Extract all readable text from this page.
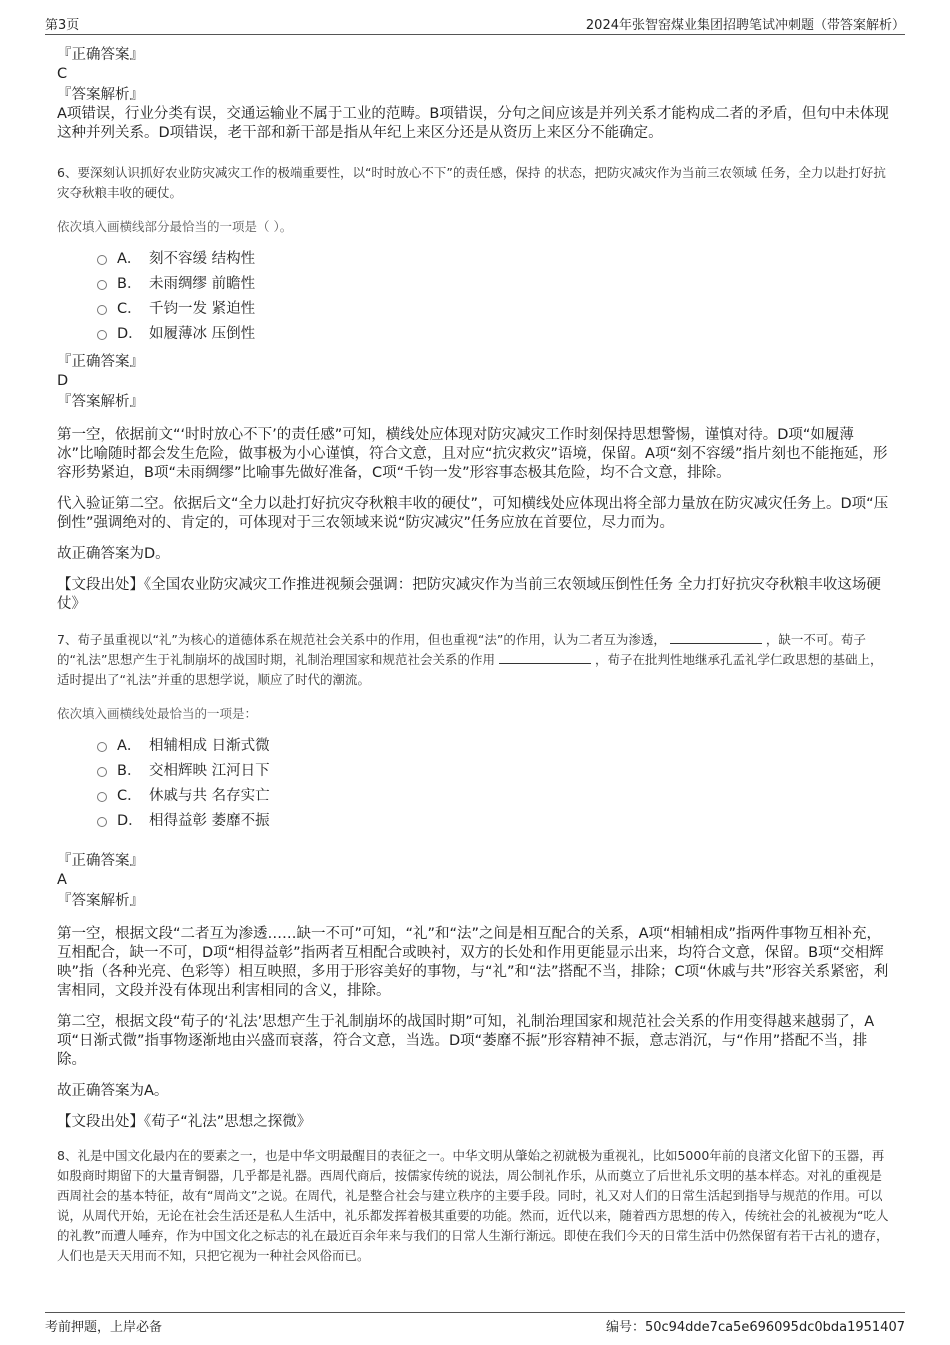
第3页	2024年张智窑煤业集团招聘笔试冲刺题（带答案解析）
『正确答案』
C
『答案解析』
A项错误，行业分类有误，交通运输业不属于工业的范畴。B项错误，分句之间应该是并列关系才能构成二者的矛盾，但句中未体现这种并列关系。D项错误，老干部和新干部是指从年纪上来区分还是从资历上来区分不能确定。
6、要深刻认识抓好农业防灾减灾工作的极端重要性，以“时时放心不下”的责任感，保持 的状态，把防灾减灾作为当前三农领域 任务，全力以赴打好抗灾夺秋粮丰收的硬仗。
依次填入画横线部分最恰当的一项是（ ）。
A． 刻不容缓 结构性
B． 未雨绸缪 前瞻性
C． 千钧一发 紧迫性
D． 如履薄冰 压倒性
『正确答案』
D
『答案解析』
第一空，依据前文“‘时时放心不下’的责任感”可知，横线处应体现对防灾减灾工作时刻保持思想警惕，谨慎对待。D项“如履薄冰”比喻随时都会发生危险，做事极为小心谨慎，符合文意，且对应“抗灾救灾”语境，保留。A项“刻不容缓”指片刻也不能拖延，形容形势紧迫，B项“未雨绸缪”比喻事先做好准备，C项“千钧一发”形容事态极其危险，均不合文意，排除。
代入验证第二空。依据后文“全力以赴打好抗灾夺秋粮丰收的硬仗”，可知横线处应体现出将全部力量放在防灾减灾任务上。D项“压倒性”强调绝对的、肯定的，可体现对于三农领域来说“防灾减灾”任务应放在首要位，尽力而为。
故正确答案为D。
【文段出处】《全国农业防灾减灾工作推进视频会强调：把防灾减灾作为当前三农领域压倒性任务 全力打好抗灾夺秋粮丰收这场硬仗》
7、荀子虽重视以“礼”为核心的道德体系在规范社会关系中的作用，但也重视“法”的作用，认为二者互为渗透，	，缺一不可。荀子的“礼法”思想产生于礼制崩坏的战国时期，礼制治理国家和规范社会关系的作用	，荀子在批判性地继承孔孟礼学仁政思想的基础上，适时提出了“礼法”并重的思想学说，顺应了时代的潮流。
依次填入画横线处最恰当的一项是：
A． 相辅相成 日渐式微
B． 交相辉映 江河日下
C． 休戚与共 名存实亡
D． 相得益彰 萎靡不振
『正确答案』
A
『答案解析』
第一空，根据文段“二者互为渗透……缺一不可”可知，“礼”和“法”之间是相互配合的关系，A项“相辅相成”指两件事物互相补充，互相配合，缺一不可，D项“相得益彰”指两者互相配合或映衬，双方的长处和作用更能显示出来，均符合文意，保留。B项“交相辉映”指（各种光亮、色彩等）相互映照，多用于形容美好的事物，与“礼”和“法”搭配不当，排除；C项“休戚与共”形容关系紧密，利害相同，文段并没有体现出利害相同的含义，排除。
第二空，根据文段“荀子的‘礼法’思想产生于礼制崩坏的战国时期”可知，礼制治理国家和规范社会关系的作用变得越来越弱了，A项“日渐式微”指事物逐渐地由兴盛而衰落，符合文意，当选。D项“萎靡不振”形容精神不振，意志消沉，与“作用”搭配不当，排除。
故正确答案为A。
【文段出处】《荀子“礼法”思想之探微》
8、礼是中国文化最内在的要素之一，也是中华文明最醒目的表征之一。中华文明从肇始之初就极为重视礼，比如5000年前的良渚文化留下的玉器，再如殷商时期留下的大量青铜器，几乎都是礼器。西周代商后，按儒家传统的说法，周公制礼作乐，从而奠立了后世礼乐文明的基本样态。对礼的重视是西周社会的基本特征，故有“周尚文”之说。在周代，礼是整合社会与建立秩序的主要手段。同时，礼又对人们的日常生活起到指导与规范的作用。可以说，从周代开始，无论在社会生活还是私人生活中，礼乐都发挥着极其重要的功能。然而，近代以来，随着西方思想的传入，传统社会的礼被视为“吃人的礼教”而遭人唾弃，作为中国文化之标志的礼在最近百余年来与我们的日常人生渐行渐远。即使在我们今天的日常生活中仍然保留有若干古礼的遗存，人们也是天天用而不知，只把它视为一种社会风俗而已。
考前押题，上岸必备	编号：50c94dde7ca5e696095dc0bda1951407
